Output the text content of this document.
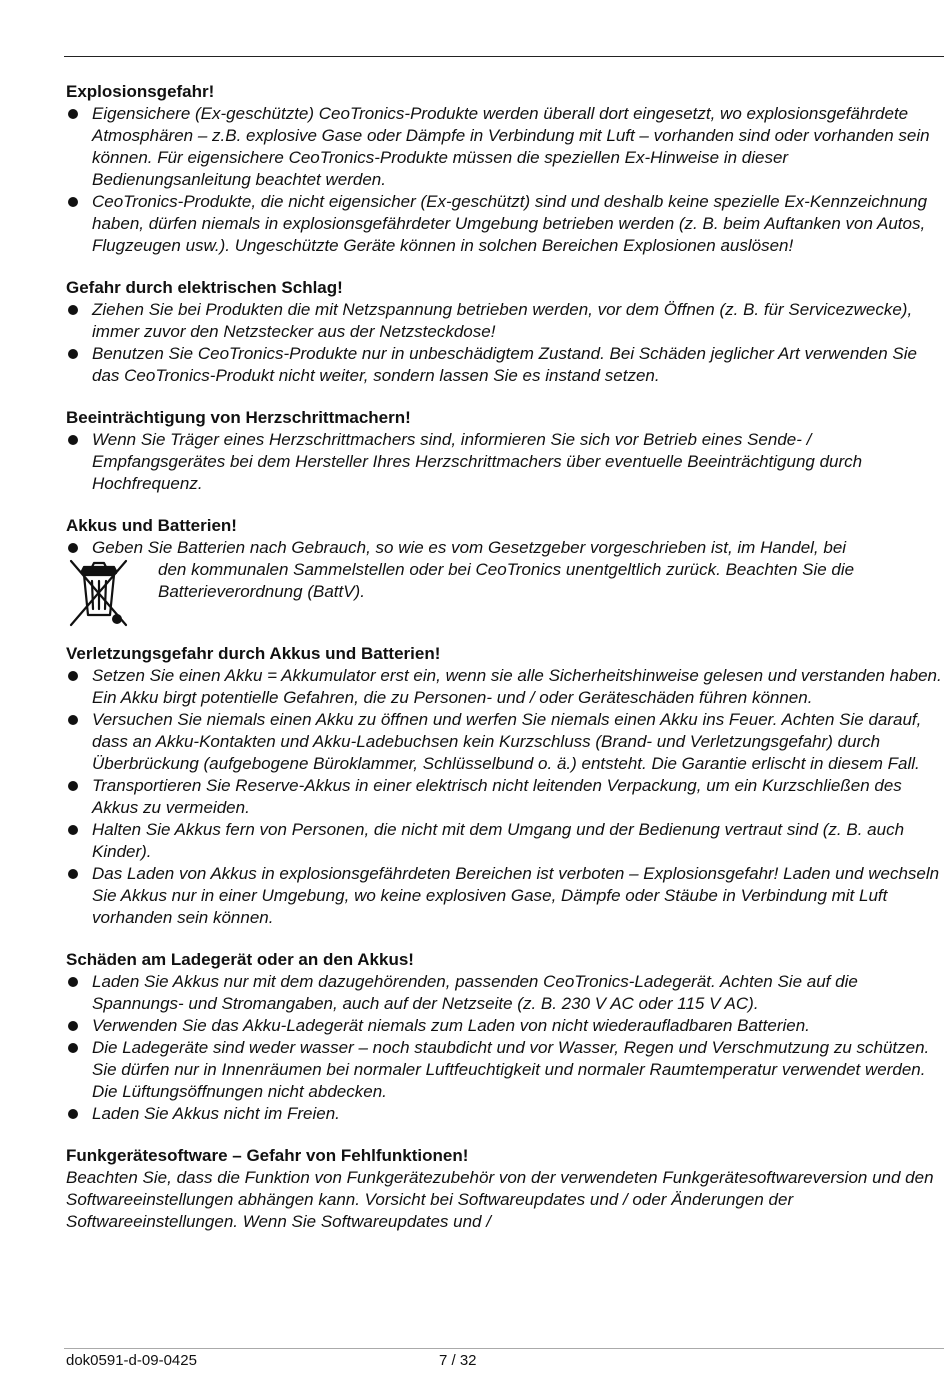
Explosionsgefahr!

Eigensichere (Ex-geschützte) CeoTronics-Produkte werden überall dort eingesetzt, wo explosionsgefährdete Atmosphären – z.B. explosive Gase oder Dämpfe in Verbindung mit Luft – vorhanden sind oder vorhanden sein können. Für eigensichere CeoTronics-Produkte müssen die speziellen Ex-Hinweise in dieser Bedienungsanleitung beachtet werden.
CeoTronics-Produkte, die nicht eigensicher (Ex-geschützt) sind und deshalb keine spezielle Ex-Kennzeichnung haben, dürfen niemals in explosionsgefährdeter Umgebung betrieben werden (z. B. beim Auftanken von Autos, Flugzeugen usw.). Ungeschützte Geräte können in solchen Bereichen Explosionen auslösen!

Gefahr durch elektrischen Schlag!

Ziehen Sie bei Produkten die mit Netzspannung betrieben werden, vor dem Öffnen (z. B. für Servicezwecke), immer zuvor den Netzstecker aus der Netzsteckdose!
Benutzen Sie CeoTronics-Produkte nur in unbeschädigtem Zustand. Bei Schäden jeglicher Art verwenden Sie das CeoTronics-Produkt nicht weiter, sondern lassen Sie es instand setzen.

Beeinträchtigung von Herzschrittmachern!

Wenn Sie Träger eines Herzschrittmachers sind, informieren Sie sich vor Betrieb eines Sende- / Empfangsgerätes bei dem Hersteller Ihres Herzschrittmachers über eventuelle Beeinträchtigung durch Hochfrequenz.

Akkus und Batterien!

Geben Sie Batterien nach Gebrauch, so wie es vom Gesetzgeber vorgeschrieben ist, im Handel, bei
den kommunalen Sammelstellen oder bei CeoTronics unentgeltlich zurück. Beachten Sie die Batterieverordnung (BattV).

Verletzungsgefahr durch Akkus und Batterien!

Setzen Sie einen Akku = Akkumulator erst ein, wenn sie alle Sicherheitshinweise gelesen und verstanden haben. Ein Akku birgt potentielle Gefahren, die zu Personen- und / oder Geräteschäden führen können.
Versuchen Sie niemals einen Akku zu öffnen und werfen Sie niemals einen Akku ins Feuer. Achten Sie darauf, dass an Akku-Kontakten und Akku-Ladebuchsen kein Kurzschluss (Brand- und Verletzungsgefahr) durch Überbrückung (aufgebogene Büroklammer, Schlüsselbund o. ä.) entsteht. Die Garantie erlischt in diesem Fall.
Transportieren Sie Reserve-Akkus in einer elektrisch nicht leitenden Verpackung, um ein Kurzschließen des Akkus zu vermeiden.
Halten Sie Akkus fern von Personen, die nicht mit dem Umgang und der Bedienung vertraut sind (z. B. auch Kinder).
Das Laden von Akkus in explosionsgefährdeten Bereichen ist verboten – Explosionsgefahr! Laden und wechseln Sie Akkus nur in einer Umgebung, wo keine explosiven Gase, Dämpfe oder Stäube in Verbindung mit Luft vorhanden sein können.

Schäden am Ladegerät oder an den Akkus!

Laden Sie Akkus nur mit dem dazugehörenden, passenden CeoTronics-Ladegerät. Achten Sie auf die Spannungs- und Stromangaben, auch auf der Netzseite (z. B. 230 V AC oder 115 V AC).
Verwenden Sie das Akku-Ladegerät niemals zum Laden von nicht wiederaufladbaren Batterien.
Die Ladegeräte sind weder wasser – noch staubdicht und vor Wasser, Regen und Verschmutzung zu schützen. Sie dürfen nur in Innenräumen bei normaler Luftfeuchtigkeit und normaler Raumtemperatur verwendet werden. Die Lüftungsöffnungen nicht abdecken.
Laden Sie Akkus nicht im Freien.

Funkgerätesoftware – Gefahr von Fehlfunktionen!

Beachten Sie, dass die Funktion von Funkgerätezubehör von der verwendeten Funkgerätesoftwareversion und den Softwareeinstellungen abhängen kann. Vorsicht bei Softwareupdates und / oder Änderungen der Softwareeinstellungen. Wenn Sie Softwareupdates und /

dok0591-d-09-0425	7 / 32
